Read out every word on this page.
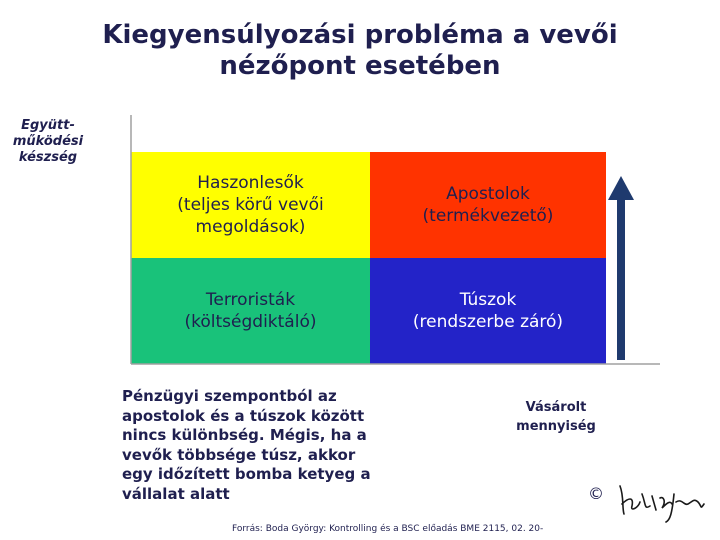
Kiegyensúlyozási probléma a vevői
nézőpont esetében
Együtt-
működési
készség
Haszonlesők
(teljes körű vevői
megoldások)
Apostolok
(termékvezető)
Terroristák
(költségdiktáló)
Túszok
(rendszerbe záró)
Pénzügyi szempontból az
apostolok és a túszok között
nincs különbség. Mégis, ha a
vevők többsége túsz, akkor
egy időzített bomba ketyeg a
vállalat alatt
Vásárolt
mennyiség
©
Forrás: Boda György: Kontrolling és a BSC előadás BME 2115, 02. 20-
